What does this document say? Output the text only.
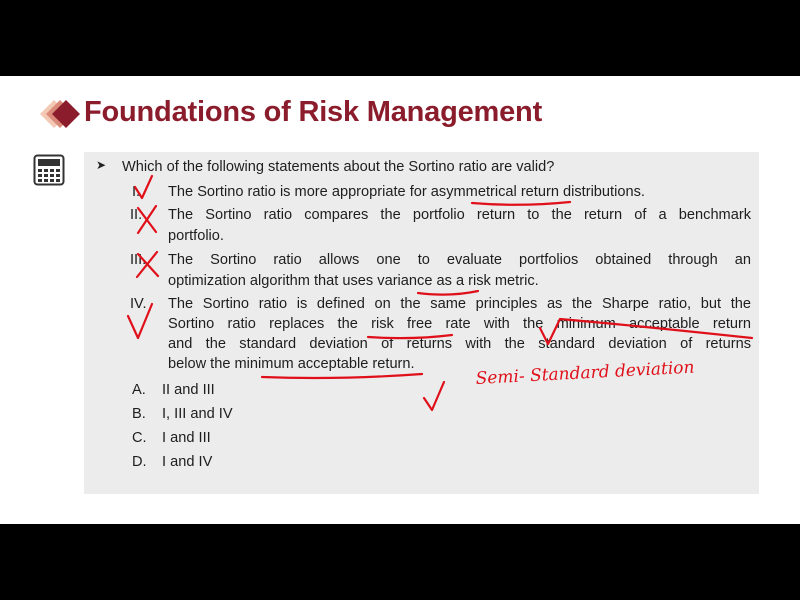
Foundations of Risk Management
➤ Which of the following statements about the Sortino ratio are valid?
I. The Sortino ratio is more appropriate for asymmetrical return distributions.
II. The Sortino ratio compares the portfolio return to the return of a benchmark
portfolio.
III. The Sortino ratio allows one to evaluate portfolios obtained through an
optimization algorithm that uses variance as a risk metric.
IV. The Sortino ratio is defined on the same principles as the Sharpe ratio, but the
Sortino ratio replaces the risk free rate with the minimum acceptable return
and the standard deviation of returns with the standard deviation of returns
below the minimum acceptable return.
A. II and III
B. I, III and IV
C. I and III
D. I and IV
Semi- Standard deviation
